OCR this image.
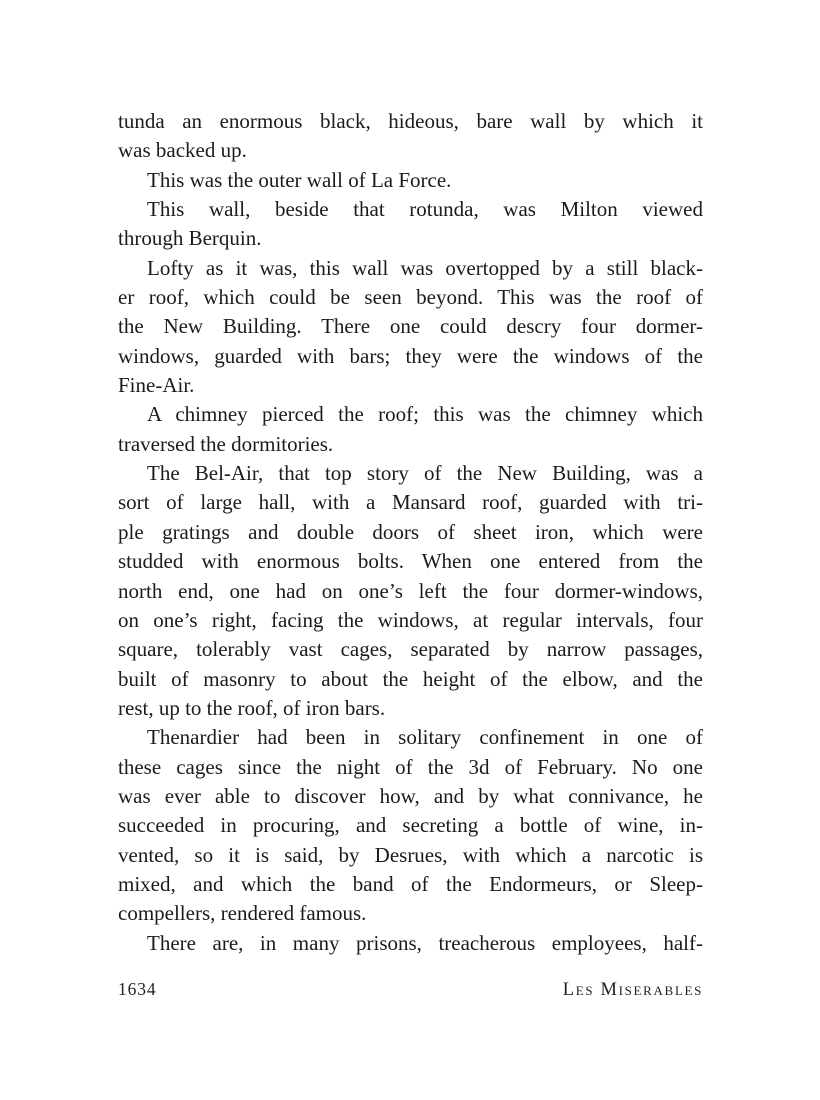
tunda an enormous black, hideous, bare wall by which it
was backed up.

This was the outer wall of La Force.

This wall, beside that rotunda, was Milton viewed
through Berquin.

Lofty as it was, this wall was overtopped by a still black-
er roof, which could be seen beyond. This was the roof of
the New Building. There one could descry four dormer-
windows, guarded with bars; they were the windows of the
Fine-Air.

A chimney pierced the roof; this was the chimney which
traversed the dormitories.

The Bel-Air, that top story of the New Building, was a
sort of large hall, with a Mansard roof, guarded with tri-
ple gratings and double doors of sheet iron, which were
studded with enormous bolts. When one entered from the
north end, one had on one’s left the four dormer-windows,
on one’s right, facing the windows, at regular intervals, four
square, tolerably vast cages, separated by narrow passages,
built of masonry to about the height of the elbow, and the
rest, up to the roof, of iron bars.

Thenardier had been in solitary confinement in one of
these cages since the night of the 3d of February. No one
was ever able to discover how, and by what connivance, he
succeeded in procuring, and secreting a bottle of wine, in-
vented, so it is said, by Desrues, with which a narcotic is
mixed, and which the band of the Endormeurs, or Sleep-
compellers, rendered famous.

There are, in many prisons, treacherous employees, half-

1634	Les Miserables
